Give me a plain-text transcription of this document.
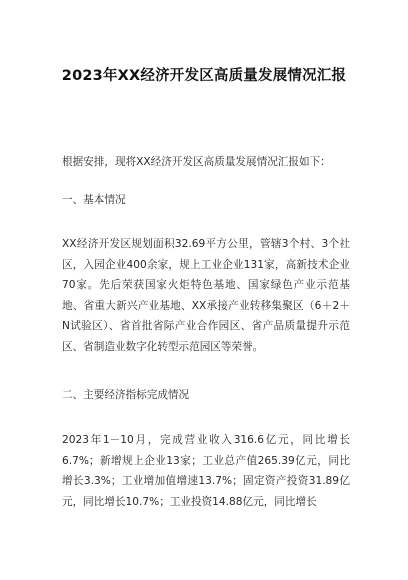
2023年XX经济开发区高质量发展情况汇报

根据安排，现将XX经济开发区高质量发展情况汇报如下：

一、基本情况

XX经济开发区规划面积32.69平方公里，管辖3个村、3个社区，入园企业400余家，规上工业企业131家，高新技术企业70家。先后荣获国家火炬特色基地、国家绿色产业示范基地、省重大新兴产业基地、XX承接产业转移集聚区（6＋2＋N试验区）、省首批省际产业合作园区、省产品质量提升示范区、省制造业数字化转型示范园区等荣誉。

二、主要经济指标完成情况

2023年1－10月，完成营业收入316.6亿元，同比增长6.7%；新增规上企业13家；工业总产值265.39亿元，同比增长3.3%；工业增加值增速13.7%；固定资产投资31.89亿元，同比增长10.7%；工业投资14.88亿元，同比增长
